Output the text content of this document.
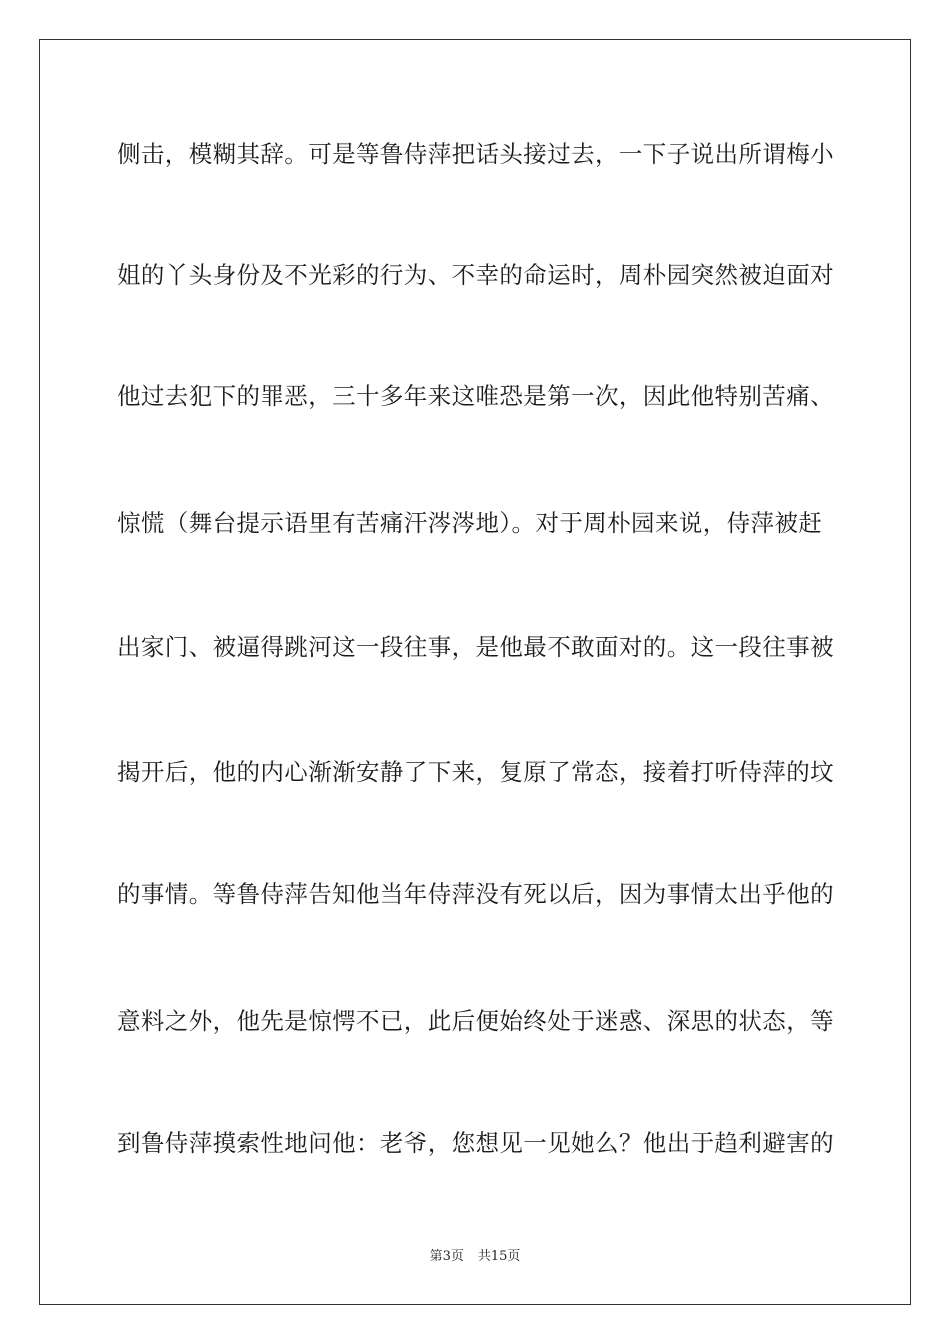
侧击，模糊其辞。可是等鲁侍萍把话头接过去，一下子说出所谓梅小
姐的丫头身份及不光彩的行为、不幸的命运时，周朴园突然被迫面对
他过去犯下的罪恶，三十多年来这唯恐是第一次，因此他特别苦痛、
惊慌（舞台提示语里有苦痛汗涔涔地）。对于周朴园来说，侍萍被赶
出家门、被逼得跳河这一段往事，是他最不敢面对的。这一段往事被
揭开后，他的内心渐渐安静了下来，复原了常态，接着打听侍萍的坟
的事情。等鲁侍萍告知他当年侍萍没有死以后，因为事情太出乎他的
意料之外，他先是惊愕不已，此后便始终处于迷惑、深思的状态，等
到鲁侍萍摸索性地问他：老爷，您想见一见她么？他出于趋利避害的
第3页 共15页
